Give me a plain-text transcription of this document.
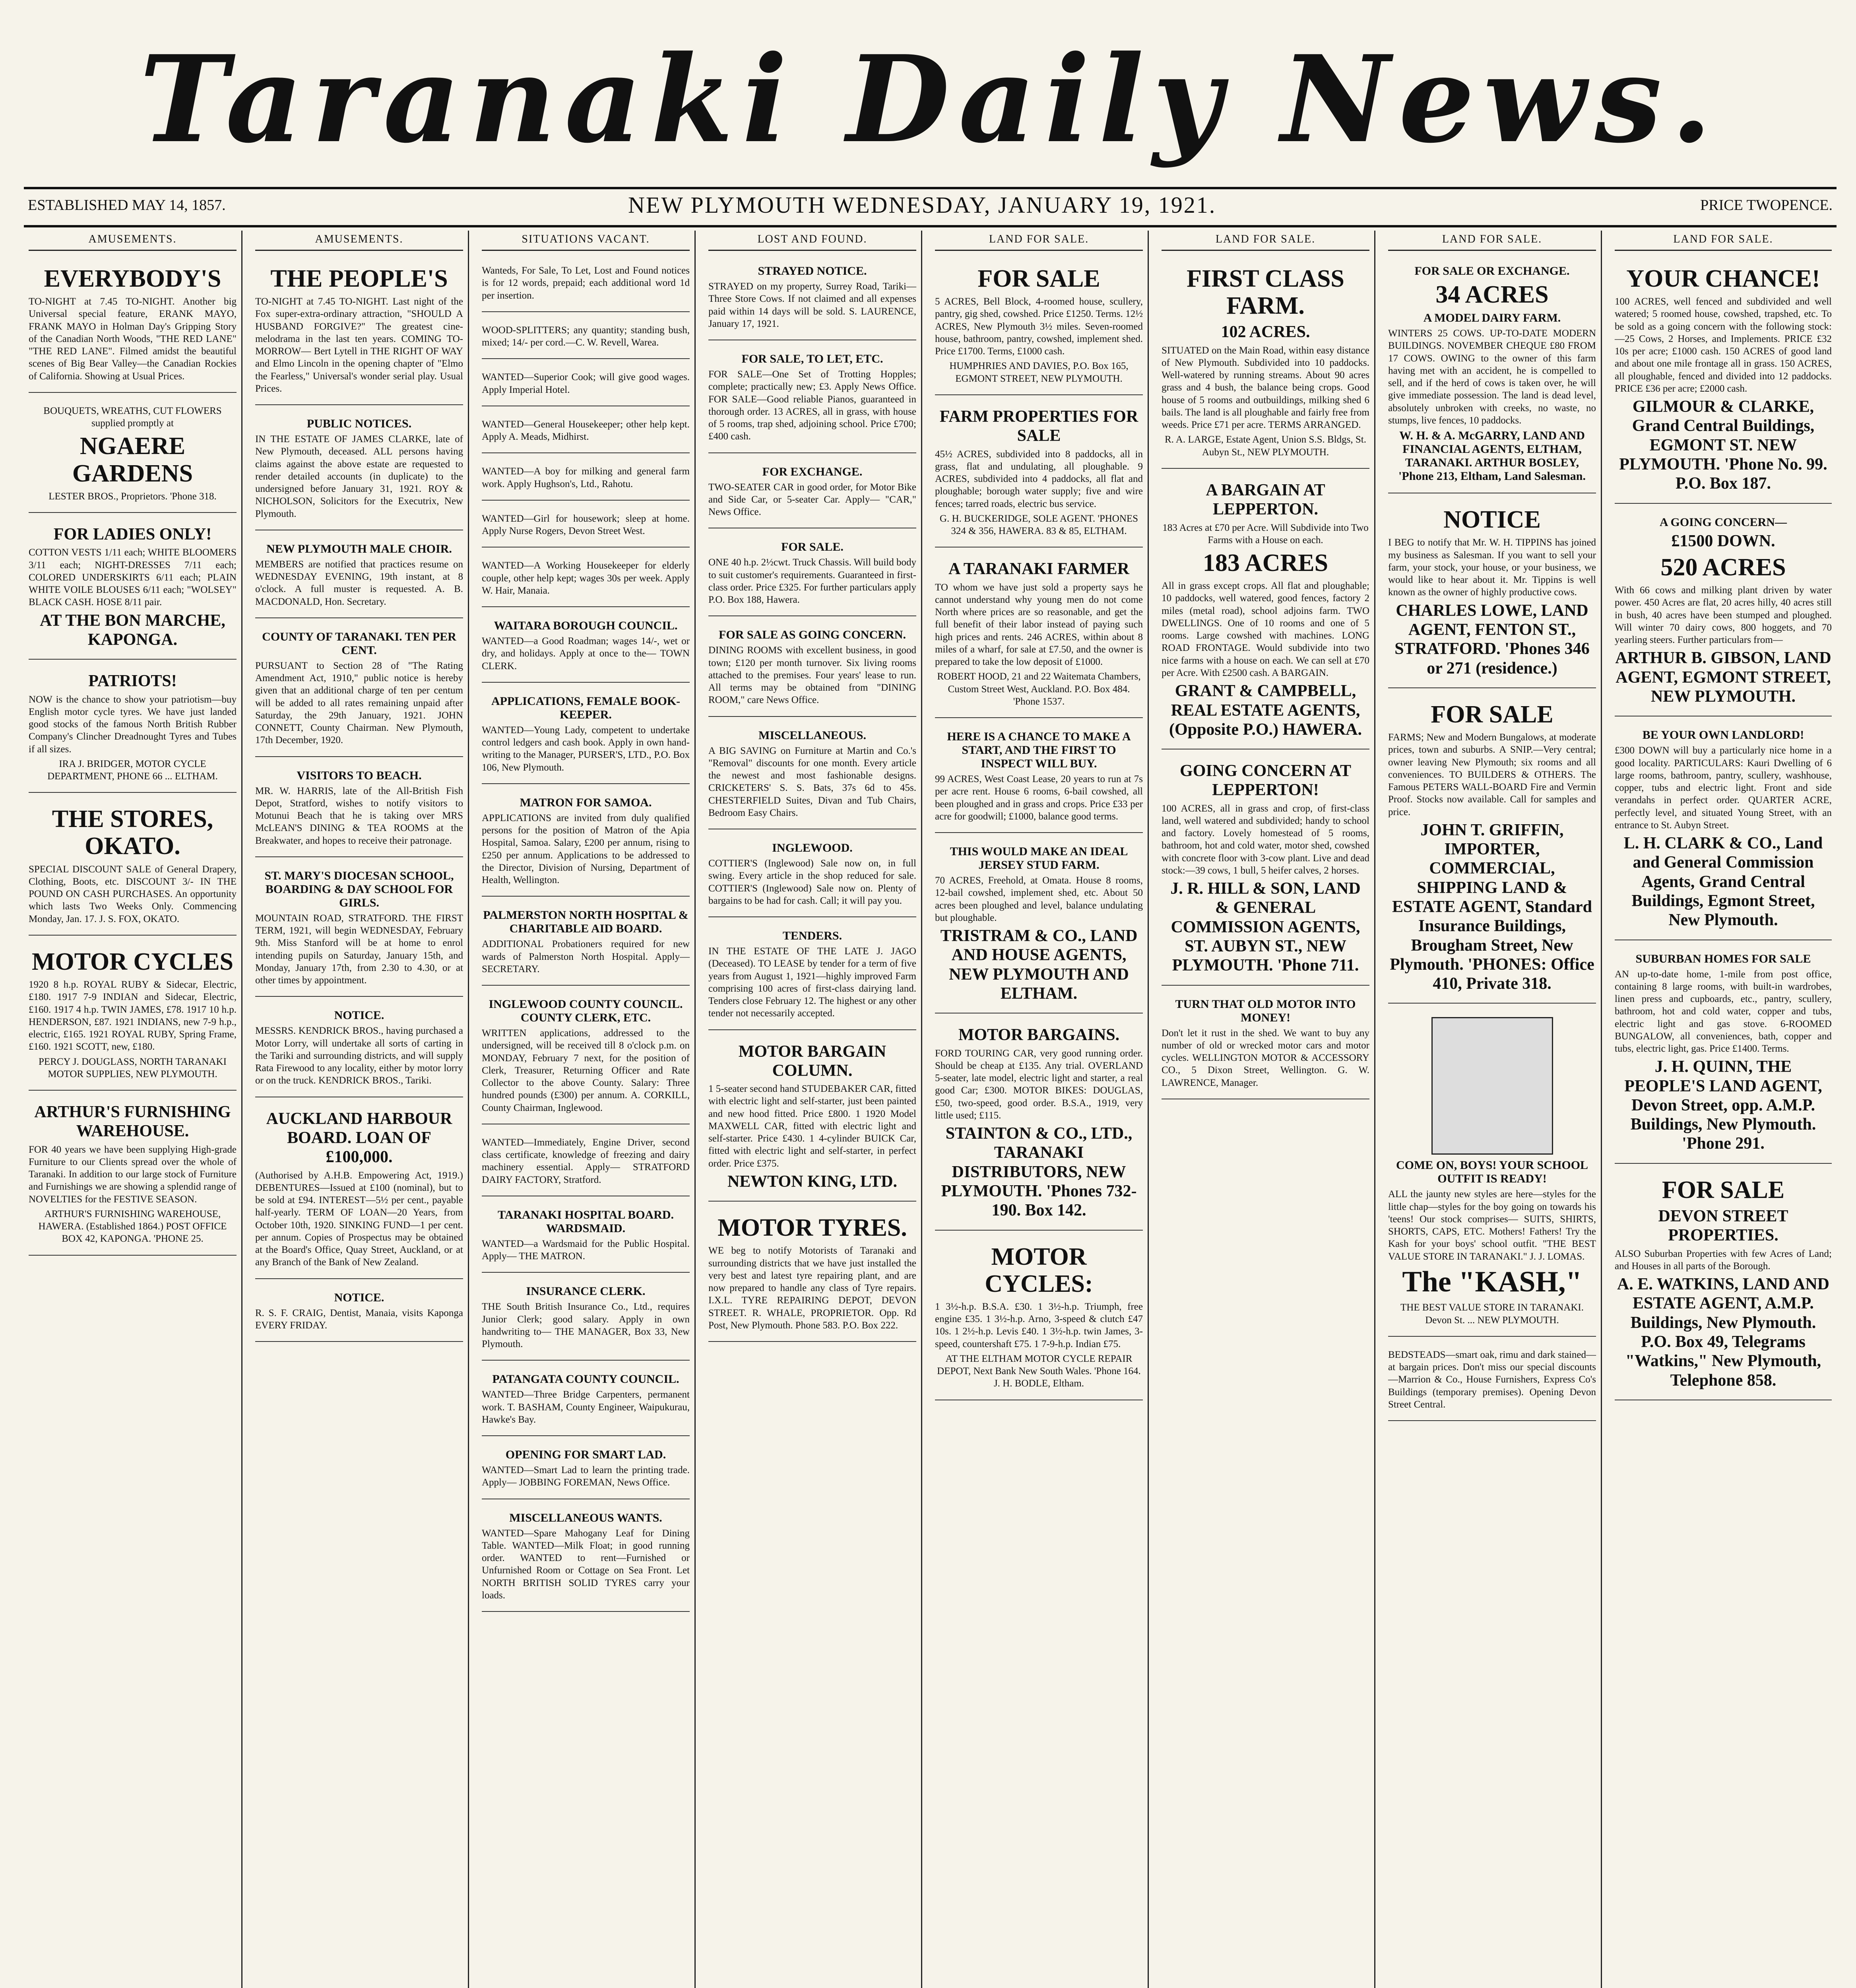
Taranaki Daily News.
ESTABLISHED MAY 14, 1857.	NEW PLYMOUTH WEDNESDAY, JANUARY 19, 1921.	PRICE TWOPENCE.
AMUSEMENTS.
EVERYBODY'S

TO-NIGHT at 7.45 TO-NIGHT. Another big Universal special feature, ERANK MAYO, FRANK MAYO in Holman Day's Gripping Story of the Canadian North Woods, "THE RED LANE" "THE RED LANE". Filmed amidst the beautiful scenes of Big Bear Valley—the Canadian Rockies of California. Showing at Usual Prices.

BOUQUETS, WREATHS, CUT FLOWERS supplied promptly at

NGAERE GARDENS

LESTER BROS., Proprietors. 'Phone 318.

FOR LADIES ONLY!

COTTON VESTS 1/11 each; WHITE BLOOMERS 3/11 each; NIGHT-DRESSES 7/11 each; COLORED UNDERSKIRTS 6/11 each; PLAIN WHITE VOILE BLOUSES 6/11 each; "WOLSEY" BLACK CASH. HOSE 8/11 pair.

AT THE BON MARCHE, KAPONGA.
PATRIOTS!

NOW is the chance to show your patriotism—buy English motor cycle tyres. We have just landed good stocks of the famous North British Rubber Company's Clincher Dreadnought Tyres and Tubes if all sizes.

IRA J. BRIDGER, MOTOR CYCLE DEPARTMENT, PHONE 66 ... ELTHAM.

THE STORES, OKATO.

SPECIAL DISCOUNT SALE of General Drapery, Clothing, Boots, etc. DISCOUNT 3/- IN THE POUND ON CASH PURCHASES. An opportunity which lasts Two Weeks Only. Commencing Monday, Jan. 17. J. S. FOX, OKATO.

MOTOR CYCLES

1920 8 h.p. ROYAL RUBY & Sidecar, Electric, £180. 1917 7-9 INDIAN and Sidecar, Electric, £160. 1917 4 h.p. TWIN JAMES, £78. 1917 10 h.p. HENDERSON, £87. 1921 INDIANS, new 7-9 h.p., electric, £165. 1921 ROYAL RUBY, Spring Frame, £160. 1921 SCOTT, new, £180.

PERCY J. DOUGLASS, NORTH TARANAKI MOTOR SUPPLIES, NEW PLYMOUTH.

ARTHUR'S FURNISHING WAREHOUSE.

FOR 40 years we have been supplying High-grade Furniture to our Clients spread over the whole of Taranaki. In addition to our large stock of Furniture and Furnishings we are showing a splendid range of NOVELTIES for the FESTIVE SEASON.

ARTHUR'S FURNISHING WAREHOUSE, HAWERA. (Established 1864.) POST OFFICE BOX 42, KAPONGA. 'PHONE 25.

AMUSEMENTS.
THE PEOPLE'S

TO-NIGHT at 7.45 TO-NIGHT. Last night of the Fox super-extra-ordinary attraction, "SHOULD A HUSBAND FORGIVE?" The greatest cine-melodrama in the last ten years. COMING TO-MORROW— Bert Lytell in THE RIGHT OF WAY and Elmo Lincoln in the opening chapter of "Elmo the Fearless," Universal's wonder serial play. Usual Prices.

PUBLIC NOTICES.

IN THE ESTATE OF JAMES CLARKE, late of New Plymouth, deceased. ALL persons having claims against the above estate are requested to render detailed accounts (in duplicate) to the undersigned before January 31, 1921. ROY & NICHOLSON, Solicitors for the Executrix, New Plymouth.

NEW PLYMOUTH MALE CHOIR.

MEMBERS are notified that practices resume on WEDNESDAY EVENING, 19th instant, at 8 o'clock. A full muster is requested. A. B. MACDONALD, Hon. Secretary.

COUNTY OF TARANAKI. TEN PER CENT.

PURSUANT to Section 28 of "The Rating Amendment Act, 1910," public notice is hereby given that an additional charge of ten per centum will be added to all rates remaining unpaid after Saturday, the 29th January, 1921. JOHN CONNETT, County Chairman. New Plymouth, 17th December, 1920.

VISITORS TO BEACH.

MR. W. HARRIS, late of the All-British Fish Depot, Stratford, wishes to notify visitors to Motunui Beach that he is taking over MRS McLEAN'S DINING & TEA ROOMS at the Breakwater, and hopes to receive their patronage.

ST. MARY'S DIOCESAN SCHOOL, BOARDING & DAY SCHOOL FOR GIRLS.

MOUNTAIN ROAD, STRATFORD. THE FIRST TERM, 1921, will begin WEDNESDAY, February 9th. Miss Stanford will be at home to enrol intending pupils on Saturday, January 15th, and Monday, January 17th, from 2.30 to 4.30, or at other times by appointment.

NOTICE.

MESSRS. KENDRICK BROS., having purchased a Motor Lorry, will undertake all sorts of carting in the Tariki and surrounding districts, and will supply Rata Firewood to any locality, either by motor lorry or on the truck. KENDRICK BROS., Tariki.

AUCKLAND HARBOUR BOARD. LOAN OF £100,000.

(Authorised by A.H.B. Empowering Act, 1919.) DEBENTURES—Issued at £100 (nominal), but to be sold at £94. INTEREST—5½ per cent., payable half-yearly. TERM OF LOAN—20 Years, from October 10th, 1920. SINKING FUND—1 per cent. per annum. Copies of Prospectus may be obtained at the Board's Office, Quay Street, Auckland, or at any Branch of the Bank of New Zealand.

NOTICE.

R. S. F. CRAIG, Dentist, Manaia, visits Kaponga EVERY FRIDAY.

SITUATIONS VACANT.

Wanteds, For Sale, To Let, Lost and Found notices is for 12 words, prepaid; each additional word 1d per insertion.

WOOD-SPLITTERS; any quantity; standing bush, mixed; 14/- per cord.—C. W. Revell, Warea.

WANTED—Superior Cook; will give good wages. Apply Imperial Hotel.

WANTED—General Housekeeper; other help kept. Apply A. Meads, Midhirst.

WANTED—A boy for milking and general farm work. Apply Hughson's, Ltd., Rahotu.

WANTED—Girl for housework; sleep at home. Apply Nurse Rogers, Devon Street West.

WANTED—A Working Housekeeper for elderly couple, other help kept; wages 30s per week. Apply W. Hair, Manaia.

WAITARA BOROUGH COUNCIL.

WANTED—a Good Roadman; wages 14/-, wet or dry, and holidays. Apply at once to the— TOWN CLERK.

APPLICATIONS, FEMALE BOOK-KEEPER.

WANTED—Young Lady, competent to undertake control ledgers and cash book. Apply in own hand-writing to the Manager, PURSER'S, LTD., P.O. Box 106, New Plymouth.

MATRON FOR SAMOA.

APPLICATIONS are invited from duly qualified persons for the position of Matron of the Apia Hospital, Samoa. Salary, £200 per annum, rising to £250 per annum. Applications to be addressed to the Director, Division of Nursing, Department of Health, Wellington.

PALMERSTON NORTH HOSPITAL & CHARITABLE AID BOARD.

ADDITIONAL Probationers required for new wards of Palmerston North Hospital. Apply— SECRETARY.

INGLEWOOD COUNTY COUNCIL. COUNTY CLERK, ETC.

WRITTEN applications, addressed to the undersigned, will be received till 8 o'clock p.m. on MONDAY, February 7 next, for the position of Clerk, Treasurer, Returning Officer and Rate Collector to the above County. Salary: Three hundred pounds (£300) per annum. A. CORKILL, County Chairman, Inglewood.

WANTED—Immediately, Engine Driver, second class certificate, knowledge of freezing and dairy machinery essential. Apply— STRATFORD DAIRY FACTORY, Stratford.

TARANAKI HOSPITAL BOARD. WARDSMAID.

WANTED—a Wardsmaid for the Public Hospital. Apply— THE MATRON.

INSURANCE CLERK.

THE South British Insurance Co., Ltd., requires Junior Clerk; good salary. Apply in own handwriting to— THE MANAGER, Box 33, New Plymouth.

PATANGATA COUNTY COUNCIL.

WANTED—Three Bridge Carpenters, permanent work. T. BASHAM, County Engineer, Waipukurau, Hawke's Bay.

OPENING FOR SMART LAD.

WANTED—Smart Lad to learn the printing trade. Apply— JOBBING FOREMAN, News Office.

MISCELLANEOUS WANTS.

WANTED—Spare Mahogany Leaf for Dining Table. WANTED—Milk Float; in good running order. WANTED to rent—Furnished or Unfurnished Room or Cottage on Sea Front. Let NORTH BRITISH SOLID TYRES carry your loads.

LOST AND FOUND.
STRAYED NOTICE.

STRAYED on my property, Surrey Road, Tariki—Three Store Cows. If not claimed and all expenses paid within 14 days will be sold. S. LAURENCE, January 17, 1921.

FOR SALE, TO LET, ETC.

FOR SALE—One Set of Trotting Hopples; complete; practically new; £3. Apply News Office. FOR SALE—Good reliable Pianos, guaranteed in thorough order. 13 ACRES, all in grass, with house of 5 rooms, trap shed, adjoining school. Price £700; £400 cash.

FOR EXCHANGE.

TWO-SEATER CAR in good order, for Motor Bike and Side Car, or 5-seater Car. Apply— "CAR," News Office.

FOR SALE.

ONE 40 h.p. 2½cwt. Truck Chassis. Will build body to suit customer's requirements. Guaranteed in first-class order. Price £325. For further particulars apply P.O. Box 188, Hawera.

FOR SALE AS GOING CONCERN.

DINING ROOMS with excellent business, in good town; £120 per month turnover. Six living rooms attached to the premises. Four years' lease to run. All terms may be obtained from "DINING ROOM," care News Office.

MISCELLANEOUS.

A BIG SAVING on Furniture at Martin and Co.'s "Removal" discounts for one month. Every article the newest and most fashionable designs. CRICKETERS' S. S. Bats, 37s 6d to 45s. CHESTERFIELD Suites, Divan and Tub Chairs, Bedroom Easy Chairs.

INGLEWOOD.

COTTIER'S (Inglewood) Sale now on, in full swing. Every article in the shop reduced for sale. COTTIER'S (Inglewood) Sale now on. Plenty of bargains to be had for cash. Call; it will pay you.

TENDERS.

IN THE ESTATE OF THE LATE J. JAGO (Deceased). TO LEASE by tender for a term of five years from August 1, 1921—highly improved Farm comprising 100 acres of first-class dairying land. Tenders close February 12. The highest or any other tender not necessarily accepted.

MOTOR BARGAIN COLUMN.

1 5-seater second hand STUDEBAKER CAR, fitted with electric light and self-starter, just been painted and new hood fitted. Price £800. 1 1920 Model MAXWELL CAR, fitted with electric light and self-starter. Price £430. 1 4-cylinder BUICK Car, fitted with electric light and self-starter, in perfect order. Price £375.

NEWTON KING, LTD.
MOTOR TYRES.

WE beg to notify Motorists of Taranaki and surrounding districts that we have just installed the very best and latest tyre repairing plant, and are now prepared to handle any class of Tyre repairs. I.X.L. TYRE REPAIRING DEPOT, DEVON STREET. R. WHALE, PROPRIETOR. Opp. Rd Post, New Plymouth. Phone 583. P.O. Box 222.

LAND FOR SALE.
FOR SALE

5 ACRES, Bell Block, 4-roomed house, scullery, pantry, gig shed, cowshed. Price £1250. Terms. 12½ ACRES, New Plymouth 3½ miles. Seven-roomed house, bathroom, pantry, cowshed, implement shed. Price £1700. Terms, £1000 cash.

HUMPHRIES AND DAVIES, P.O. Box 165, EGMONT STREET, NEW PLYMOUTH.

FARM PROPERTIES FOR SALE

45½ ACRES, subdivided into 8 paddocks, all in grass, flat and undulating, all ploughable. 9 ACRES, subdivided into 4 paddocks, all flat and ploughable; borough water supply; five and wire fences; tarred roads, electric bus service.

G. H. BUCKERIDGE, SOLE AGENT. 'PHONES 324 & 356, HAWERA. 83 & 85, ELTHAM.

A TARANAKI FARMER

TO whom we have just sold a property says he cannot understand why young men do not come North where prices are so reasonable, and get the full benefit of their labor instead of paying such high prices and rents. 246 ACRES, within about 8 miles of a wharf, for sale at £7.50, and the owner is prepared to take the low deposit of £1000.

ROBERT HOOD, 21 and 22 Waitemata Chambers, Custom Street West, Auckland. P.O. Box 484. 'Phone 1537.

HERE IS A CHANCE TO MAKE A START, AND THE FIRST TO INSPECT WILL BUY.

99 ACRES, West Coast Lease, 20 years to run at 7s per acre rent. House 6 rooms, 6-bail cowshed, all been ploughed and in grass and crops. Price £33 per acre for goodwill; £1000, balance good terms.

THIS WOULD MAKE AN IDEAL JERSEY STUD FARM.

70 ACRES, Freehold, at Omata. House 8 rooms, 12-bail cowshed, implement shed, etc. About 50 acres been ploughed and level, balance undulating but ploughable.

TRISTRAM & CO., LAND AND HOUSE AGENTS, NEW PLYMOUTH AND ELTHAM.
MOTOR BARGAINS.

FORD TOURING CAR, very good running order. Should be cheap at £135. Any trial. OVERLAND 5-seater, late model, electric light and starter, a real good Car; £300. MOTOR BIKES: DOUGLAS, £50, two-speed, good order. B.S.A., 1919, very little used; £115.

STAINTON & CO., LTD., TARANAKI DISTRIBUTORS, NEW PLYMOUTH. 'Phones 732-190. Box 142.
MOTOR CYCLES:

1 3½-h.p. B.S.A. £30. 1 3½-h.p. Triumph, free engine £35. 1 3½-h.p. Arno, 3-speed & clutch £47 10s. 1 2½-h.p. Levis £40. 1 3½-h.p. twin James, 3-speed, countershaft £75. 1 7-9-h.p. Indian £75.

AT THE ELTHAM MOTOR CYCLE REPAIR DEPOT, Next Bank New South Wales. 'Phone 164. J. H. BODLE, Eltham.

LAND FOR SALE.
FIRST CLASS FARM.
102 ACRES.

SITUATED on the Main Road, within easy distance of New Plymouth. Subdivided into 10 paddocks. Well-watered by running streams. About 90 acres grass and 4 bush, the balance being crops. Good house of 5 rooms and outbuildings, milking shed 6 bails. The land is all ploughable and fairly free from weeds. Price £71 per acre. TERMS ARRANGED.

R. A. LARGE, Estate Agent, Union S.S. Bldgs, St. Aubyn St., NEW PLYMOUTH.

A BARGAIN AT LEPPERTON.

183 Acres at £70 per Acre. Will Subdivide into Two Farms with a House on each.

183 ACRES

All in grass except crops. All flat and ploughable; 10 paddocks, well watered, good fences, factory 2 miles (metal road), school adjoins farm. TWO DWELLINGS. One of 10 rooms and one of 5 rooms. Large cowshed with machines. LONG ROAD FRONTAGE. Would subdivide into two nice farms with a house on each. We can sell at £70 per Acre. With £2500 cash. A BARGAIN.

GRANT & CAMPBELL, REAL ESTATE AGENTS, (Opposite P.O.) HAWERA.
GOING CONCERN AT LEPPERTON!

100 ACRES, all in grass and crop, of first-class land, well watered and subdivided; handy to school and factory. Lovely homestead of 5 rooms, bathroom, hot and cold water, motor shed, cowshed with concrete floor with 3-cow plant. Live and dead stock:—39 cows, 1 bull, 5 heifer calves, 2 horses.

J. R. HILL & SON, LAND & GENERAL COMMISSION AGENTS, ST. AUBYN ST., NEW PLYMOUTH. 'Phone 711.
TURN THAT OLD MOTOR INTO MONEY!

Don't let it rust in the shed. We want to buy any number of old or wrecked motor cars and motor cycles. WELLINGTON MOTOR & ACCESSORY CO., 5 Dixon Street, Wellington. G. W. LAWRENCE, Manager.

LAND FOR SALE.
FOR SALE OR EXCHANGE.
34 ACRES
A MODEL DAIRY FARM.

WINTERS 25 COWS. UP-TO-DATE MODERN BUILDINGS. NOVEMBER CHEQUE £80 FROM 17 COWS. OWING to the owner of this farm having met with an accident, he is compelled to sell, and if the herd of cows is taken over, he will give immediate possession. The land is dead level, absolutely unbroken with creeks, no waste, no stumps, live fences, 10 paddocks.

W. H. & A. McGARRY, LAND AND FINANCIAL AGENTS, ELTHAM, TARANAKI. ARTHUR BOSLEY, 'Phone 213, Eltham, Land Salesman.
NOTICE

I BEG to notify that Mr. W. H. TIPPINS has joined my business as Salesman. If you want to sell your farm, your stock, your house, or your business, we would like to hear about it. Mr. Tippins is well known as the owner of highly productive cows.

CHARLES LOWE, LAND AGENT, FENTON ST., STRATFORD. 'Phones 346 or 271 (residence.)
FOR SALE

FARMS; New and Modern Bungalows, at moderate prices, town and suburbs. A SNIP.—Very central; owner leaving New Plymouth; six rooms and all conveniences. TO BUILDERS & OTHERS. The Famous PETERS WALL-BOARD Fire and Vermin Proof. Stocks now available. Call for samples and price.

JOHN T. GRIFFIN, IMPORTER, COMMERCIAL, SHIPPING LAND & ESTATE AGENT, Standard Insurance Buildings, Brougham Street, New Plymouth. 'PHONES: Office 410, Private 318.
COME ON, BOYS! YOUR SCHOOL OUTFIT IS READY!

ALL the jaunty new styles are here—styles for the little chap—styles for the boy going on towards his 'teens! Our stock comprises— SUITS, SHIRTS, SHORTS, CAPS, ETC. Mothers! Fathers! Try the Kash for your boys' school outfit. "THE BEST VALUE STORE IN TARANAKI." J. J. LOMAS.

The "KASH,"

THE BEST VALUE STORE IN TARANAKI. Devon St. ... NEW PLYMOUTH.

BEDSTEADS—smart oak, rimu and dark stained—at bargain prices. Don't miss our special discounts—Marrion & Co., House Furnishers, Express Co's Buildings (temporary premises). Opening Devon Street Central.

LAND FOR SALE.
YOUR CHANCE!

100 ACRES, well fenced and subdivided and well watered; 5 roomed house, cowshed, trapshed, etc. To be sold as a going concern with the following stock:—25 Cows, 2 Horses, and Implements. PRICE £32 10s per acre; £1000 cash. 150 ACRES of good land and about one mile frontage all in grass. 150 ACRES, all ploughable, fenced and divided into 12 paddocks. PRICE £36 per acre; £2000 cash.

GILMOUR & CLARKE, Grand Central Buildings, EGMONT ST. NEW PLYMOUTH. 'Phone No. 99. P.O. Box 187.
A GOING CONCERN—
£1500 DOWN.
520 ACRES

With 66 cows and milking plant driven by water power. 450 Acres are flat, 20 acres hilly, 40 acres still in bush, 40 acres have been stumped and ploughed. Will winter 70 dairy cows, 800 hoggets, and 70 yearling steers. Further particulars from—

ARTHUR B. GIBSON, LAND AGENT, EGMONT STREET, NEW PLYMOUTH.
BE YOUR OWN LANDLORD!

£300 DOWN will buy a particularly nice home in a good locality. PARTICULARS: Kauri Dwelling of 6 large rooms, bathroom, pantry, scullery, washhouse, copper, tubs and electric light. Front and side verandahs in perfect order. QUARTER ACRE, perfectly level, and situated Young Street, with an entrance to St. Aubyn Street.

L. H. CLARK & CO., Land and General Commission Agents, Grand Central Buildings, Egmont Street, New Plymouth.
SUBURBAN HOMES FOR SALE

AN up-to-date home, 1-mile from post office, containing 8 large rooms, with built-in wardrobes, linen press and cupboards, etc., pantry, scullery, bathroom, hot and cold water, copper and tubs, electric light and gas stove. 6-ROOMED BUNGALOW, all conveniences, bath, copper and tubs, electric light, gas. Price £1400. Terms.

J. H. QUINN, THE PEOPLE'S LAND AGENT, Devon Street, opp. A.M.P. Buildings, New Plymouth. 'Phone 291.
FOR SALE
DEVON STREET PROPERTIES.

ALSO Suburban Properties with few Acres of Land; and Houses in all parts of the Borough.

A. E. WATKINS, LAND AND ESTATE AGENT, A.M.P. Buildings, New Plymouth. P.O. Box 49, Telegrams "Watkins," New Plymouth, Telephone 858.
